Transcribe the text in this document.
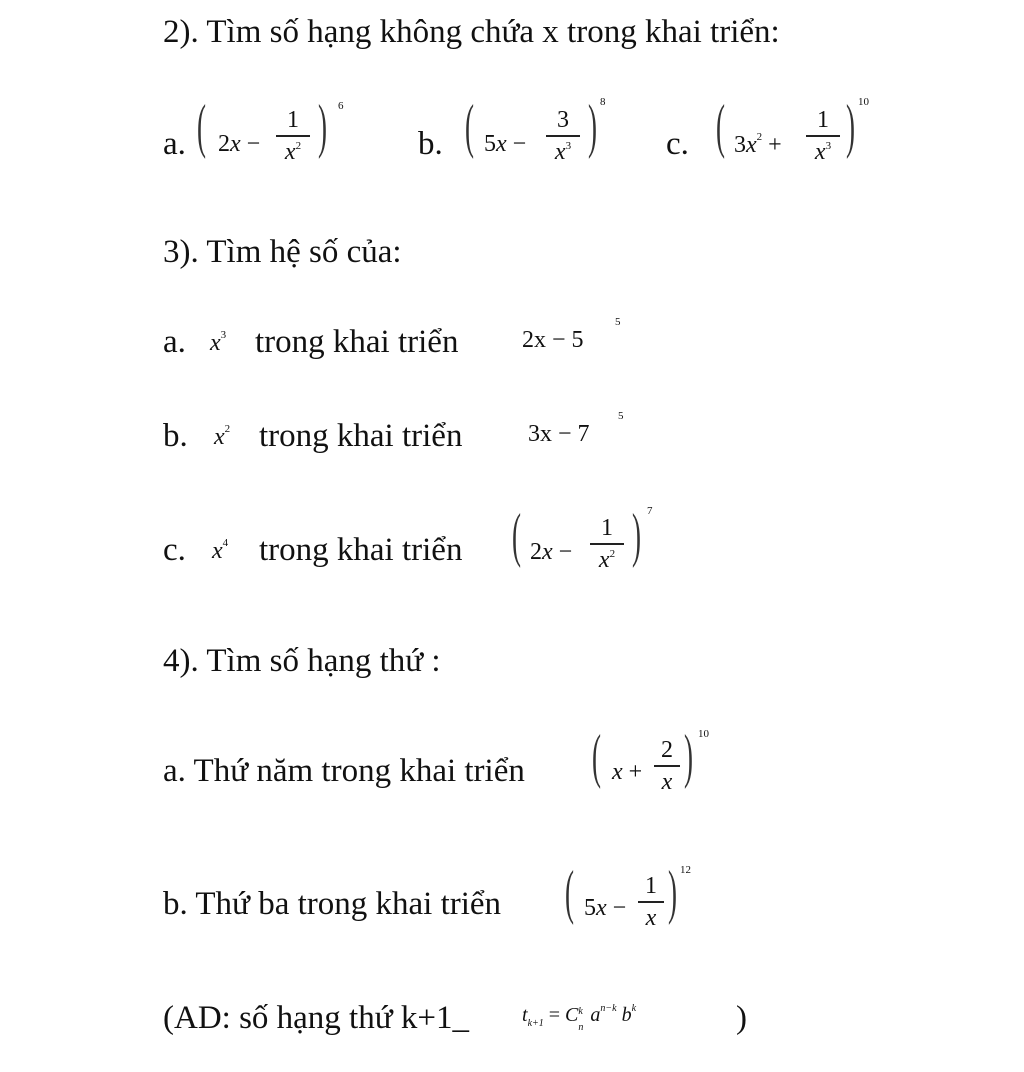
2). Tìm số hạng không chứa x trong khai triển:
a. ( 2x −
1
$x^2$ ) 6
b. ( 5x −
3
$x^3$ ) 8
c. ( $3x^2$ +
1
$x^3$ ) 10
3). Tìm hệ số của:
a. $x^3$ trong khai triển	2x − 5
5
b. $x^2$ trong khai triển	3x − 7
5
c. $x^4$ trong khai triển ( 2x −
1
$x^2$ ) 7
4). Tìm số hạng thứ :
a. Thứ năm trong khai triển ( x +
2
x ) 10
b. Thứ ba trong khai triển ( 5x −
1
x ) 12
(AD: số hạng thứ k+1_	$t_{k+1} = C$ k
n
$a^{n-k}$ $b^k$	)
